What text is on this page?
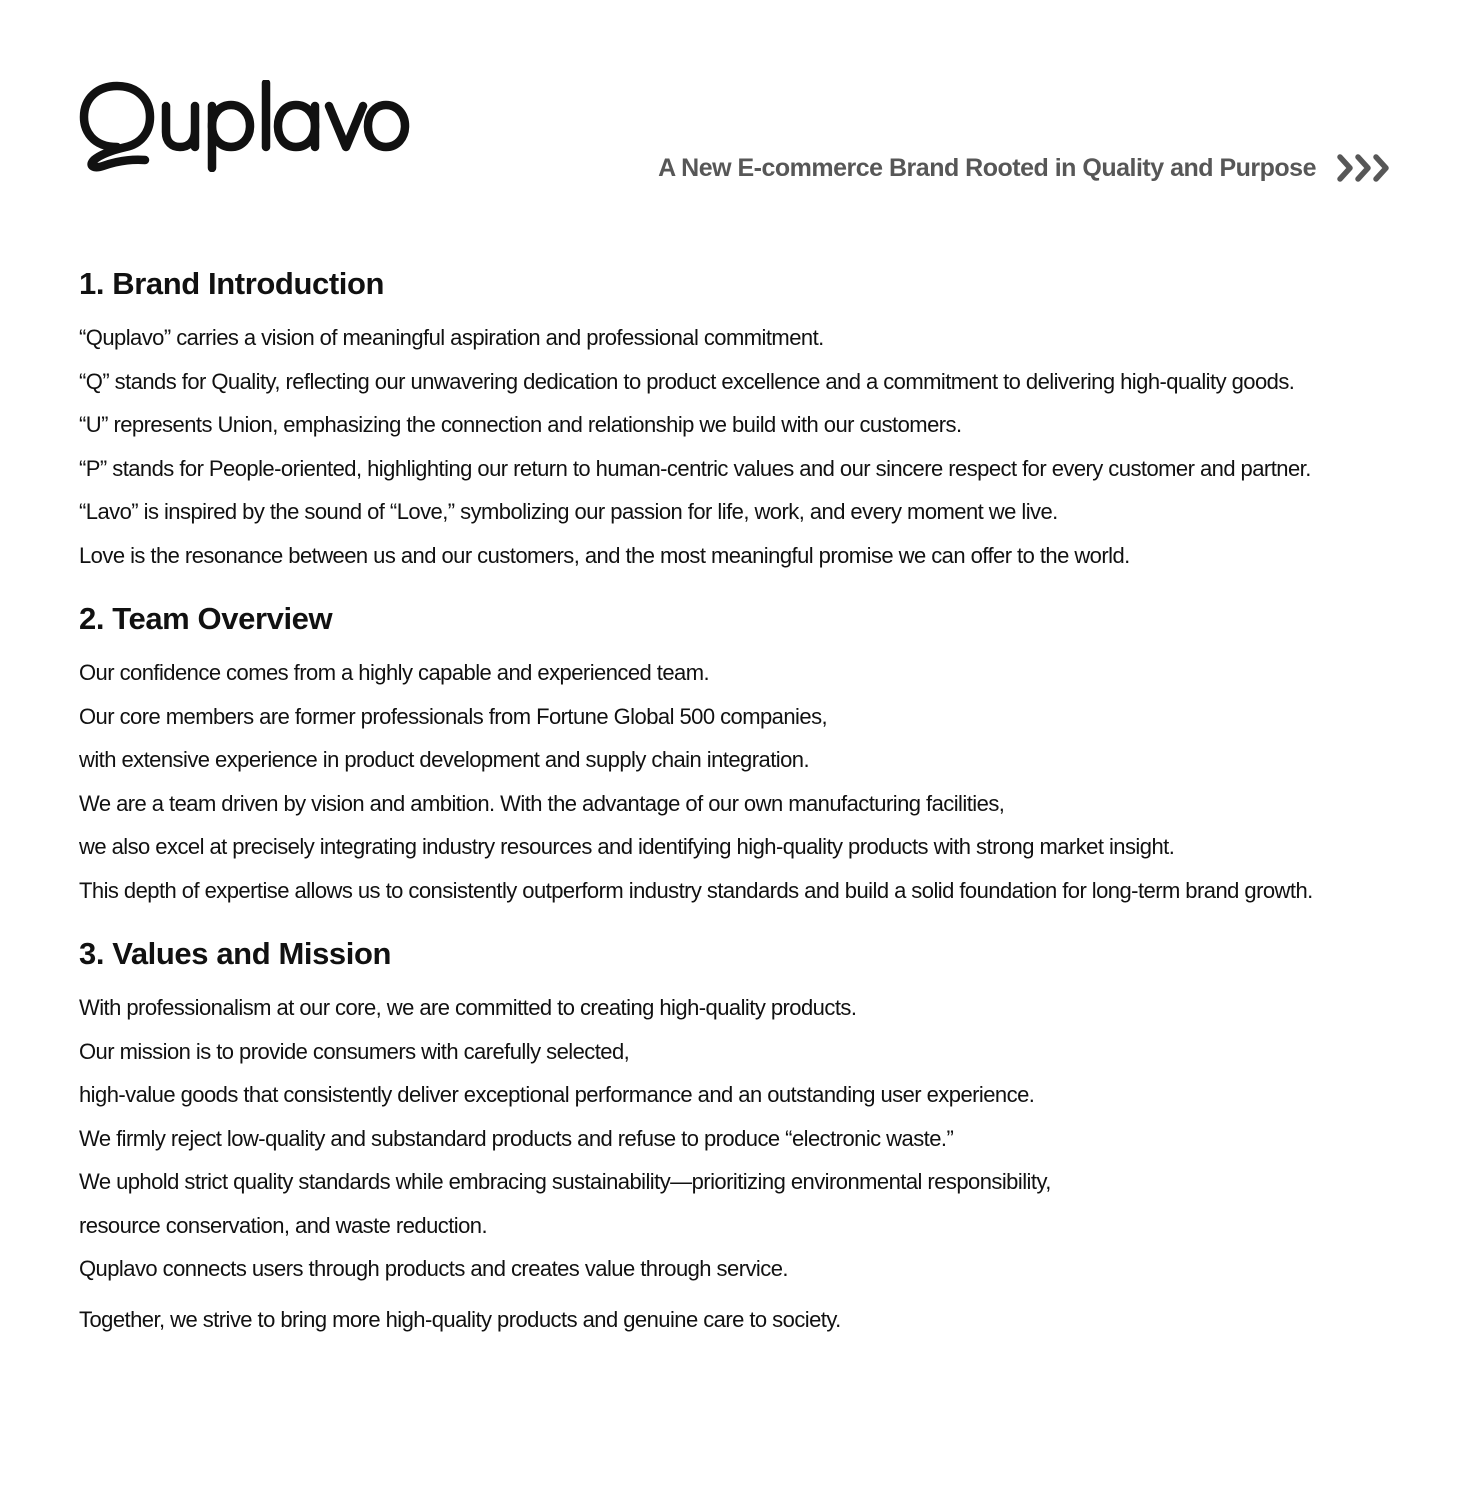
A New E-commerce Brand Rooted in Quality and Purpose
1. Brand Introduction

“Quplavo” carries a vision of meaningful aspiration and professional commitment.

“Q” stands for Quality, reflecting our unwavering dedication to product excellence and a commitment to delivering high-quality goods.

“U” represents Union, emphasizing the connection and relationship we build with our customers.

“P” stands for People-oriented, highlighting our return to human-centric values and our sincere respect for every customer and partner.

“Lavo” is inspired by the sound of “Love,” symbolizing our passion for life, work, and every moment we live.

Love is the resonance between us and our customers, and the most meaningful promise we can offer to the world.

2. Team Overview

Our confidence comes from a highly capable and experienced team.

Our core members are former professionals from Fortune Global 500 companies,

with extensive experience in product development and supply chain integration.

We are a team driven by vision and ambition. With the advantage of our own manufacturing facilities,

we also excel at precisely integrating industry resources and identifying high-quality products with strong market insight.

This depth of expertise allows us to consistently outperform industry standards and build a solid foundation for long-term brand growth.

3. Values and Mission

With professionalism at our core, we are committed to creating high-quality products.

Our mission is to provide consumers with carefully selected,

high-value goods that consistently deliver exceptional performance and an outstanding user experience.

We firmly reject low-quality and substandard products and refuse to produce “electronic waste.”

We uphold strict quality standards while embracing sustainability—prioritizing environmental responsibility,

resource conservation, and waste reduction.

Quplavo connects users through products and creates value through service.

Together, we strive to bring more high-quality products and genuine care to society.
